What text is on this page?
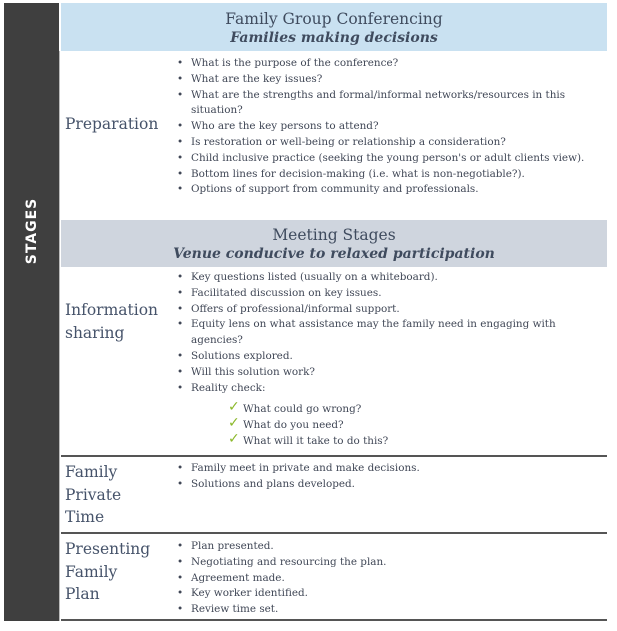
STAGES
Family Group Conferencing
Families making decisions
Preparation
• What is the purpose of the conference?
• What are the key issues?
• What are the strengths and formal/informal networks/resources in this situation?
• Who are the key persons to attend?
• Is restoration or well-being or relationship a consideration?
• Child inclusive practice (seeking the young person's or adult clients view).
• Bottom lines for decision-making (i.e. what is non-negotiable?).
• Options of support from community and professionals.
Meeting Stages
Venue conducive to relaxed participation
Information
sharing
• Key questions listed (usually on a whiteboard).
• Facilitated discussion on key issues.
• Offers of professional/informal support.
• Equity lens on what assistance may the family need in engaging with agencies?
• Solutions explored.
• Will this solution work?
• Reality check:
✓ What could go wrong?
✓ What do you need?
✓ What will it take to do this?
Family
Private
Time
• Family meet in private and make decisions.
• Solutions and plans developed.
Presenting
Family
Plan
• Plan presented.
• Negotiating and resourcing the plan.
• Agreement made.
• Key worker identified.
• Review time set.
